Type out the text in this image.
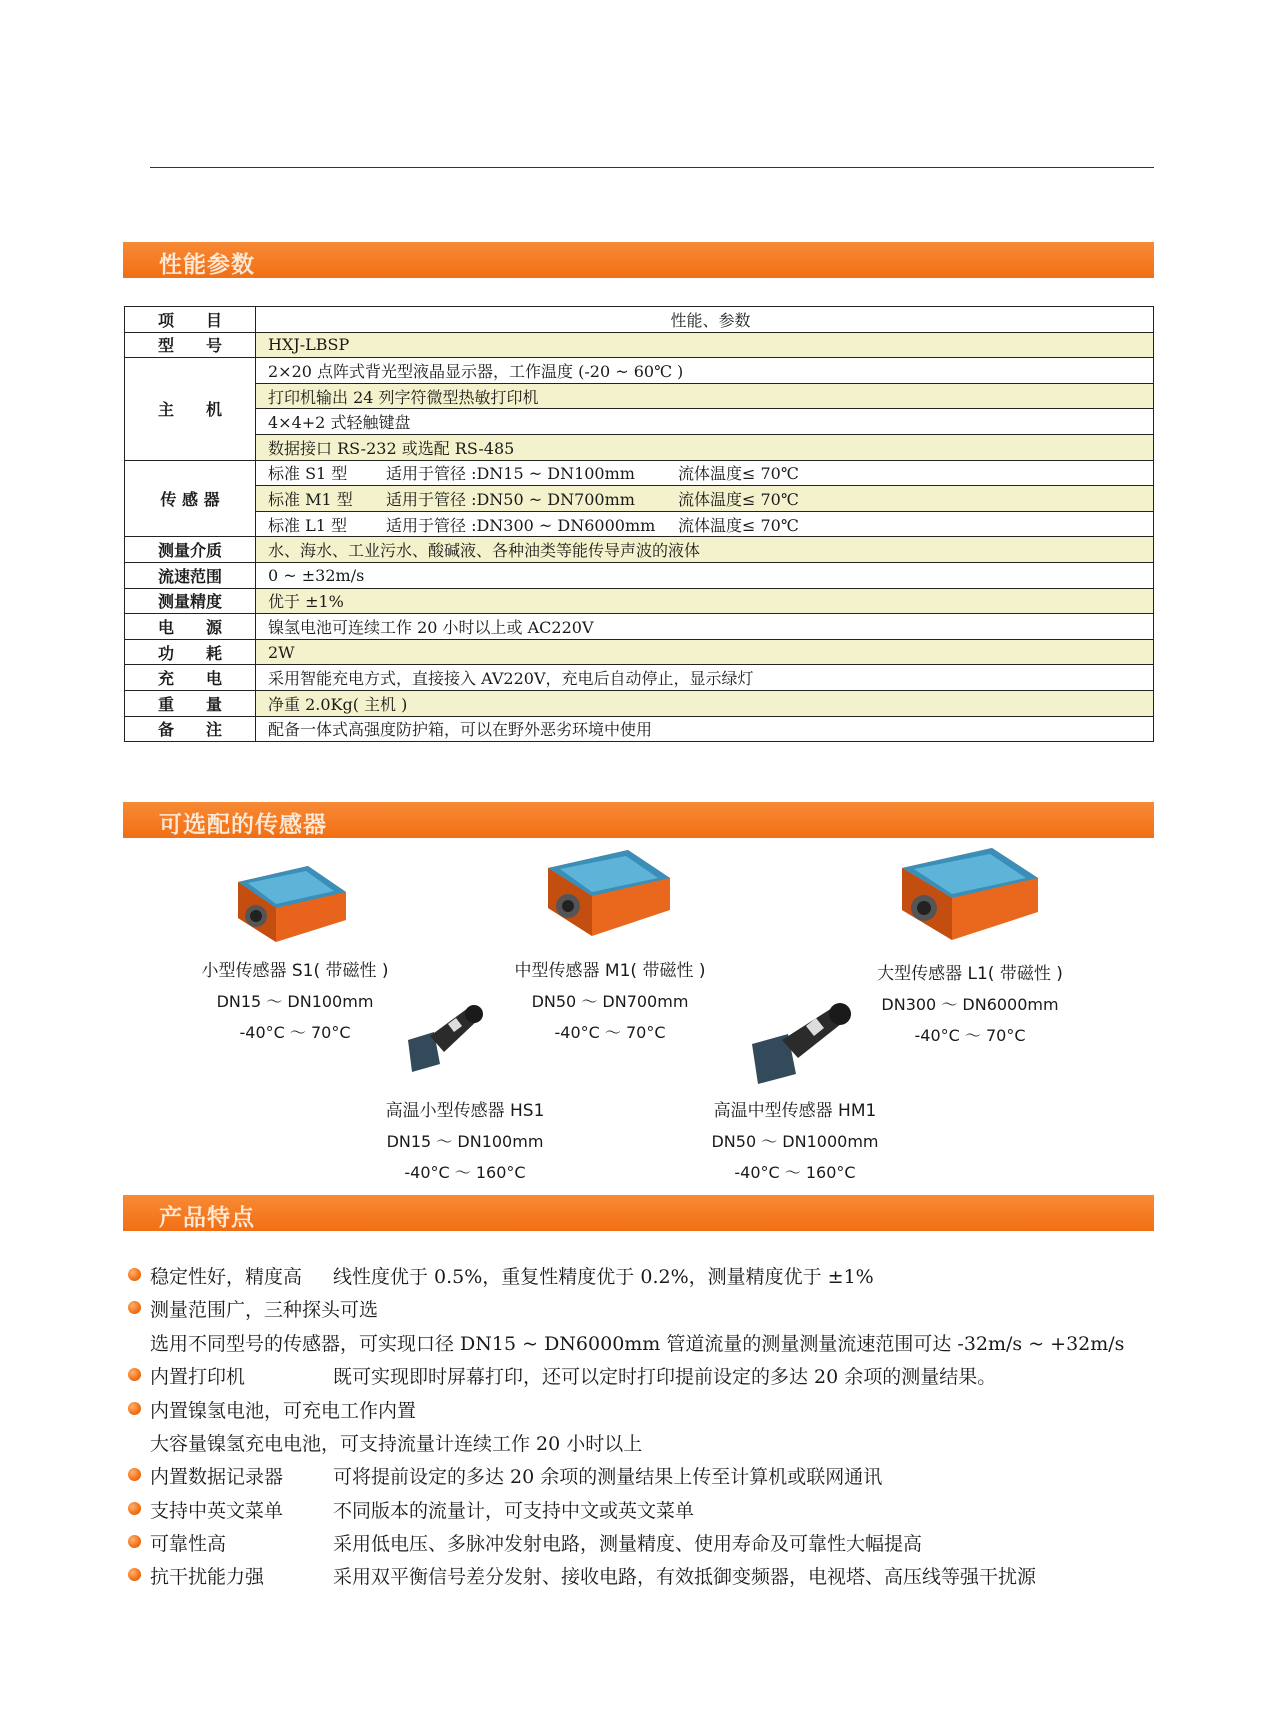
性能参数
项　　目	性能、参数
型　　号	HXJ-LBSP
主　　机	2×20 点阵式背光型液晶显示器，工作温度 (-20 ~ 60℃ )
	打印机输出 24 列字符微型热敏打印机
	4×4+2 式轻触键盘
	数据接口 RS-232 或选配 RS-485
传 感 器	标准 S1 型 适用于管径 :DN15 ~ DN100mm 流体温度≤ 70℃
	标准 M1 型 适用于管径 :DN50 ~ DN700mm 流体温度≤ 70℃
	标准 L1 型 适用于管径 :DN300 ~ DN6000mm 流体温度≤ 70℃
测量介质	水、海水、工业污水、酸碱液、各种油类等能传导声波的液体
流速范围	0 ~ ±32m/s
测量精度	优于 ±1%
电　　源	镍氢电池可连续工作 20 小时以上或 AC220V
功　　耗	2W
充　　电	采用智能充电方式，直接接入 AV220V，充电后自动停止，显示绿灯
重　　量	净重 2.0Kg( 主机 )
备　　注	配备一体式高强度防护箱，可以在野外恶劣环境中使用
可选配的传感器
小型传感器 S1( 带磁性 )
DN15 ～ DN100mm
-40°C ～ 70°C
中型传感器 M1( 带磁性 )
DN50 ～ DN700mm
-40°C ～ 70°C
大型传感器 L1( 带磁性 )
DN300 ～ DN6000mm
-40°C ～ 70°C
高温小型传感器 HS1
DN15 ～ DN100mm
-40°C ～ 160°C
高温中型传感器 HM1
DN50 ～ DN1000mm
-40°C ～ 160°C
产品特点
稳定性好，精度高 线性度优于 0.5%，重复性精度优于 0.2%，测量精度优于 ±1%
测量范围广，三种探头可选
选用不同型号的传感器，可实现口径 DN15 ~ DN6000mm 管道流量的测量测量流速范围可达 -32m/s ~ +32m/s
内置打印机	既可实现即时屏幕打印，还可以定时打印提前设定的多达 20 余项的测量结果。
内置镍氢电池，可充电工作内置
大容量镍氢充电电池，可支持流量计连续工作 20 小时以上
内置数据记录器	可将提前设定的多达 20 余项的测量结果上传至计算机或联网通讯
支持中英文菜单	不同版本的流量计，可支持中文或英文菜单
可靠性高	采用低电压、多脉冲发射电路，测量精度、使用寿命及可靠性大幅提高
抗干扰能力强	采用双平衡信号差分发射、接收电路，有效抵御变频器，电视塔、高压线等强干扰源
